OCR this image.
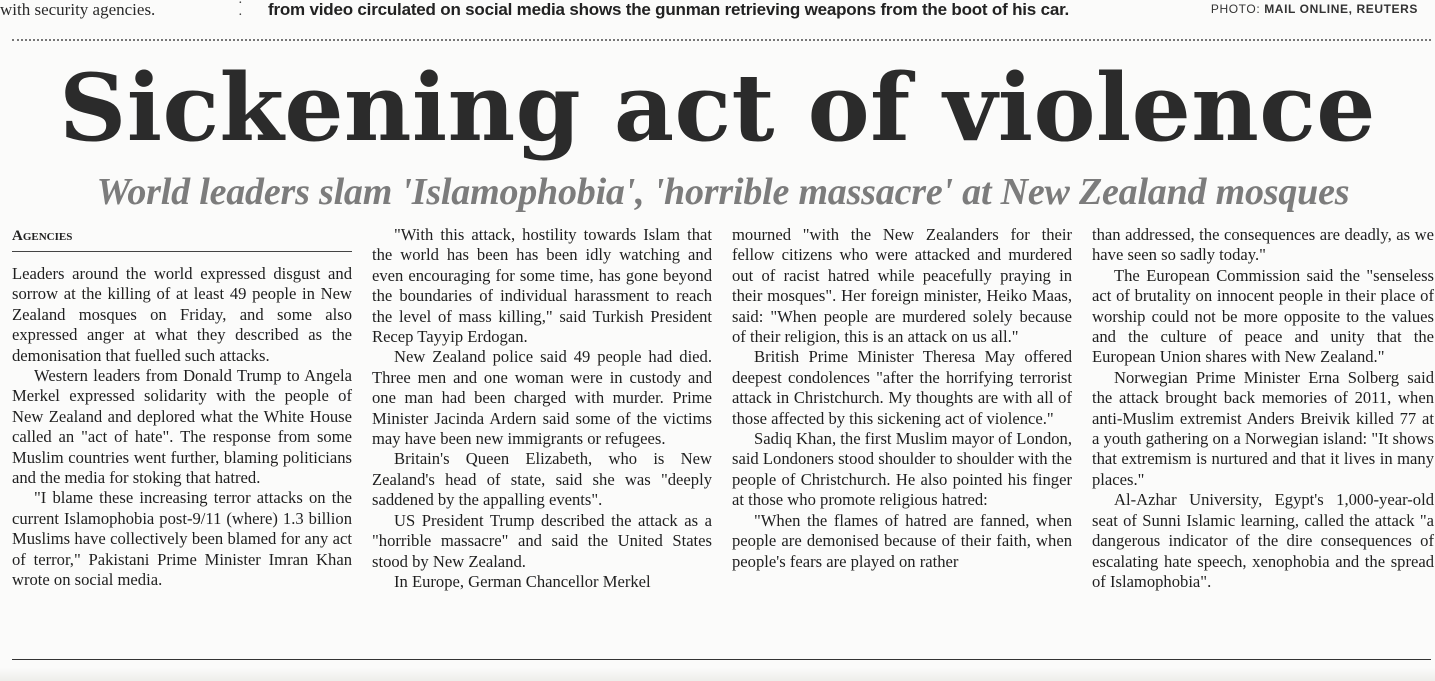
with security agencies.	·
· from video circulated on social media shows the gunman retrieving weapons from the boot of his car.	PHOTO: MAIL ONLINE, REUTERS
Sickening act of violence
World leaders slam 'Islamophobia', 'horrible massacre' at New Zealand mosques
Agencies

Leaders around the world expressed disgust and sorrow at the killing of at least 49 people in New Zealand mosques on Friday, and some also expressed anger at what they described as the demonisation that fuelled such attacks.

Western leaders from Donald Trump to Angela Merkel expressed solidarity with the people of New Zealand and deplored what the White House called an "act of hate". The response from some Muslim countries went further, blaming politicians and the media for stoking that hatred.

"I blame these increasing terror attacks on the current Islamophobia post-9/11 (where) 1.3 billion Muslims have collectively been blamed for any act of terror," Pakistani Prime Minister Imran Khan wrote on social media.

"With this attack, hostility towards Islam that the world has been has been idly watching and even encouraging for some time, has gone beyond the boundaries of individual harassment to reach the level of mass killing," said Turkish President Recep Tayyip Erdogan.

New Zealand police said 49 people had died. Three men and one woman were in custody and one man had been charged with murder. Prime Minister Jacinda Ardern said some of the victims may have been new immigrants or refugees.

Britain's Queen Elizabeth, who is New Zealand's head of state, said she was "deeply saddened by the appalling events".

US President Trump described the attack as a "horrible massacre" and said the United States stood by New Zealand.

In Europe, German Chancellor Merkel

mourned "with the New Zealanders for their fellow citizens who were attacked and murdered out of racist hatred while peacefully praying in their mosques". Her foreign minister, Heiko Maas, said: "When people are murdered solely because of their religion, this is an attack on us all."

British Prime Minister Theresa May offered deepest condolences "after the horrifying terrorist attack in Christchurch. My thoughts are with all of those affected by this sickening act of violence."

Sadiq Khan, the first Muslim mayor of London, said Londoners stood shoulder to shoulder with the people of Christchurch. He also pointed his finger at those who promote religious hatred:

"When the flames of hatred are fanned, when people are demonised because of their faith, when people's fears are played on rather

than addressed, the consequences are deadly, as we have seen so sadly today."

The European Commission said the "senseless act of brutality on innocent people in their place of worship could not be more opposite to the values and the culture of peace and unity that the European Union shares with New Zealand."

Norwegian Prime Minister Erna Solberg said the attack brought back memories of 2011, when anti-Muslim extremist Anders Breivik killed 77 at a youth gathering on a Norwegian island: "It shows that extremism is nurtured and that it lives in many places."

Al-Azhar University, Egypt's 1,000-year-old seat of Sunni Islamic learning, called the attack "a dangerous indicator of the dire consequences of escalating hate speech, xenophobia and the spread of Islamophobia".
